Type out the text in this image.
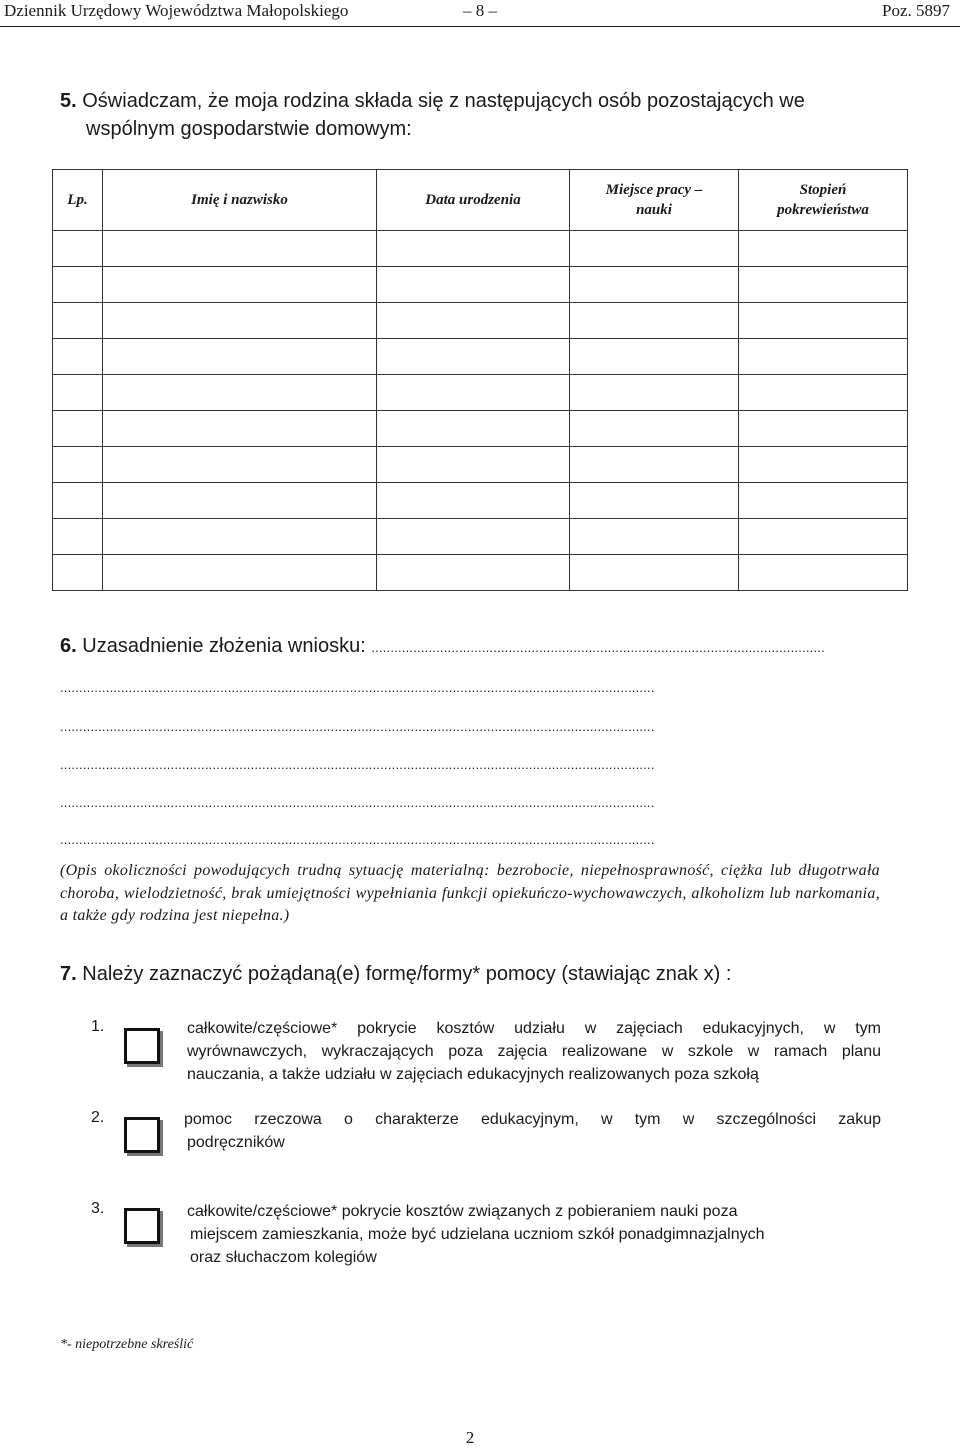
Dziennik Urzędowy Województwa Małopolskiego	– 8 –	Poz. 5897
5. Oświadczam, że moja rodzina składa się z następujących osób pozostających we
wspólnym gospodarstwie domowym:
Lp.	Imię i nazwisko	Data urodzenia	Miejsce pracy – nauki	Stopień pokrewieństwa

6. Uzasadnienie złożenia wniosku: .......................................................................................................................
............................................................................................................................................................
............................................................................................................................................................
............................................................................................................................................................
............................................................................................................................................................
............................................................................................................................................................
(Opis okoliczności powodujących trudną sytuację materialną: bezrobocie, niepełnosprawność, ciężka lub długotrwała choroba, wielodzietność, brak umiejętności wypełniania funkcji opiekuńczo-wychowawczych, alkoholizm lub narkomania, a także gdy rodzina jest niepełna.)
7. Należy zaznaczyć pożądaną(e) formę/formy* pomocy (stawiając znak x) :
1.	całkowite/częściowe* pokrycie kosztów udziału w zajęciach edukacyjnych, w tym
wyrównawczych, wykraczających poza zajęcia realizowane w szkole w ramach planu
nauczania, a także udziału w zajęciach edukacyjnych realizowanych poza szkołą
2.	pomoc rzeczowa o charakterze edukacyjnym, w tym w szczególności zakup
podręczników
3.	całkowite/częściowe* pokrycie kosztów związanych z pobieraniem nauki poza
miejscem zamieszkania, może być udzielana uczniom szkół ponadgimnazjalnych
oraz słuchaczom kolegiów
*- niepotrzebne skreślić
2
